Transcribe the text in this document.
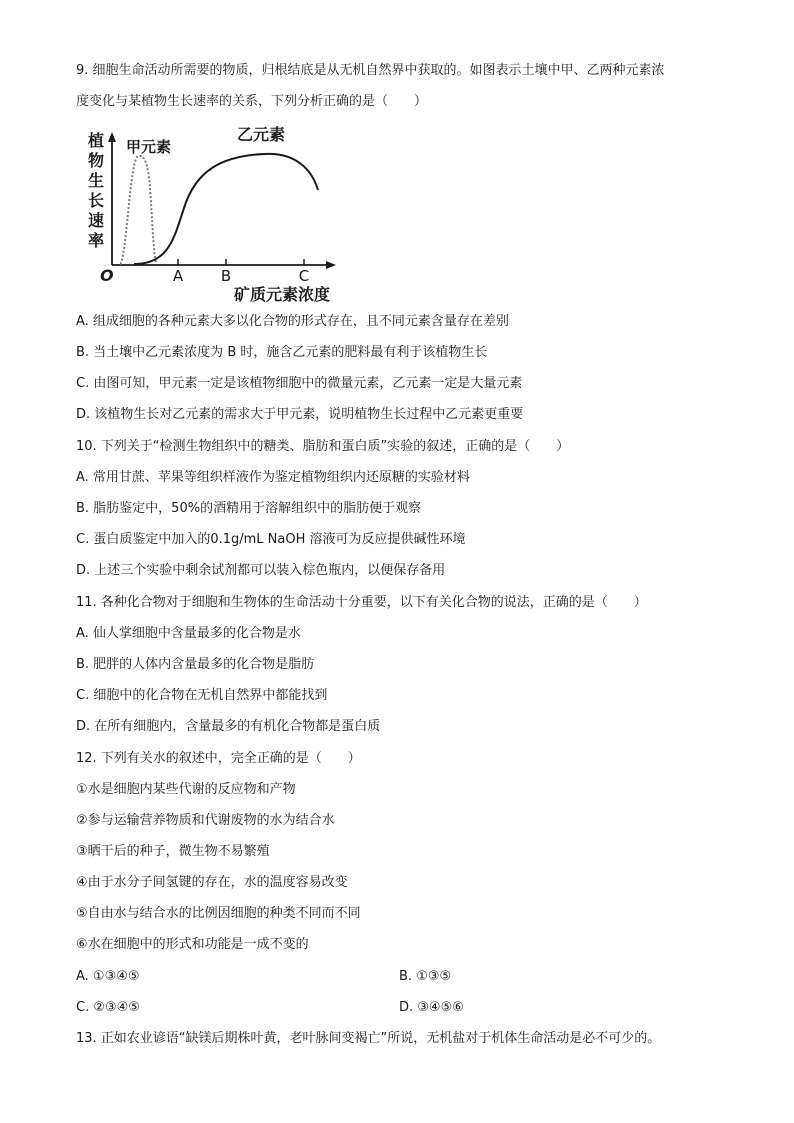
9. 细胞生命活动所需要的物质，归根结底是从无机自然界中获取的。如图表示土壤中甲、乙两种元素浓
度变化与某植物生长速率的关系，下列分析正确的是（　　）
植
物
生
长
速
率
甲元素
乙元素
O	A	B	C
矿质元素浓度
A. 组成细胞的各种元素大多以化合物的形式存在，且不同元素含量存在差别
B. 当土壤中乙元素浓度为 B 时，施含乙元素的肥料最有利于该植物生长
C. 由图可知，甲元素一定是该植物细胞中的微量元素，乙元素一定是大量元素
D. 该植物生长对乙元素的需求大于甲元素，说明植物生长过程中乙元素更重要
10. 下列关于“检测生物组织中的糖类、脂肪和蛋白质”实验的叙述，正确的是（　　）
A. 常用甘蔗、苹果等组织样液作为鉴定植物组织内还原糖的实验材料
B. 脂肪鉴定中，50%的酒精用于溶解组织中的脂肪便于观察
C. 蛋白质鉴定中加入的0.1g/mL NaOH 溶液可为反应提供碱性环境
D. 上述三个实验中剩余试剂都可以装入棕色瓶内，以便保存备用
11. 各种化合物对于细胞和生物体的生命活动十分重要，以下有关化合物的说法，正确的是（　　）
A. 仙人掌细胞中含量最多的化合物是水
B. 肥胖的人体内含量最多的化合物是脂肪
C. 细胞中的化合物在无机自然界中都能找到
D. 在所有细胞内，含量最多的有机化合物都是蛋白质
12. 下列有关水的叙述中，完全正确的是（　　）
①水是细胞内某些代谢的反应物和产物
②参与运输营养物质和代谢废物的水为结合水
③晒干后的种子，微生物不易繁殖
④由于水分子间氢键的存在，水的温度容易改变
⑤自由水与结合水的比例因细胞的种类不同而不同
⑥水在细胞中的形式和功能是一成不变的
A. ①③④⑤	B. ①③⑤
C. ②③④⑤	D. ③④⑤⑥
13. 正如农业谚语“缺镁后期株叶黄，老叶脉间变褐亡”所说，无机盐对于机体生命活动是必不可少的。
